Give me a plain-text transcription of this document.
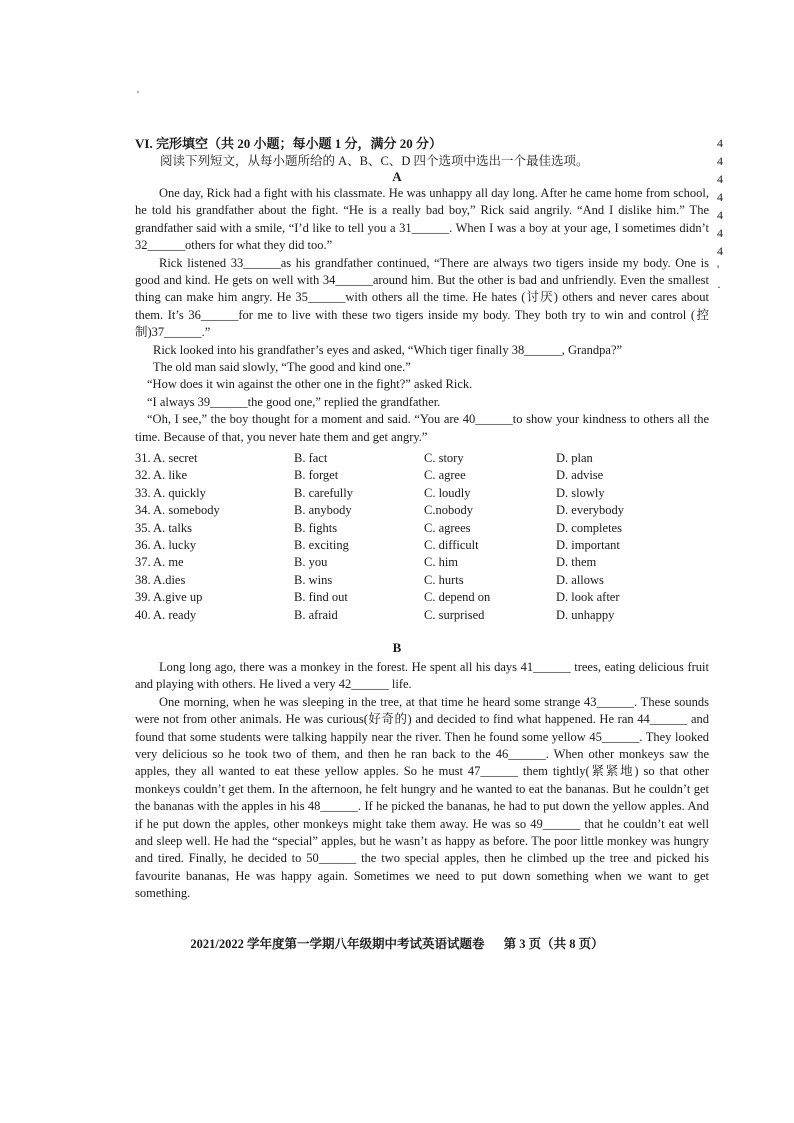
VI. 完形填空（共 20 小题；每小题 1 分，满分 20 分）
阅读下列短文，从每小题所给的 A、B、C、D 四个选项中选出一个最佳选项。
4
4
4
4
4
4
4
'
·
A

One day, Rick had a fight with his classmate. He was unhappy all day long. After he came home from school, he told his grandfather about the fight. “He is a really bad boy,” Rick said angrily. “And I dislike him.” The grandfather said with a smile, “I’d like to tell you a 31______. When I was a boy at your age, I sometimes didn’t 32______others for what they did too.”

Rick listened 33______as his grandfather continued, “There are always two tigers inside my body. One is good and kind. He gets on well with 34______around him. But the other is bad and unfriendly. Even the smallest thing can make him angry. He 35______with others all the time. He hates (讨厌) others and never cares about them. It’s 36______for me to live with these two tigers inside my body. They both try to win and control (控制)37______.”

Rick looked into his grandfather’s eyes and asked, “Which tiger finally 38______, Grandpa?”

The old man said slowly, “The good and kind one.”

“How does it win against the other one in the fight?” asked Rick.

“I always 39______the good one,” replied the grandfather.

“Oh, I see,” the boy thought for a moment and said. “You are 40______to show your kindness to others all the time. Because of that, you never hate them and get angry.”

31. A. secret	B. fact	C. story	D. plan
32. A. like	B. forget	C. agree	D. advise
33. A. quickly	B. carefully	C. loudly	D. slowly
34. A. somebody	B. anybody	C.nobody	D. everybody
35. A. talks	B. fights	C. agrees	D. completes
36. A. lucky	B. exciting	C. difficult	D. important
37. A. me	B. you	C. him	D. them
38. A.dies	B. wins	C. hurts	D. allows
39. A.give up	B. find out	C. depend on	D. look after
40. A. ready	B. afraid	C. surprised	D. unhappy
B

Long long ago, there was a monkey in the forest. He spent all his days 41______ trees, eating delicious fruit and playing with others. He lived a very 42______ life.

One morning, when he was sleeping in the tree, at that time he heard some strange 43______. These sounds were not from other animals. He was curious(好奇的) and decided to find what happened. He ran 44______ and found that some students were talking happily near the river. Then he found some yellow 45______. They looked very delicious so he took two of them, and then he ran back to the 46______. When other monkeys saw the apples, they all wanted to eat these yellow apples. So he must 47______ them tightly(紧紧地) so that other monkeys couldn’t get them. In the afternoon, he felt hungry and he wanted to eat the bananas. But he couldn’t get the bananas with the apples in his 48______. If he picked the bananas, he had to put down the yellow apples. And if he put down the apples, other monkeys might take them away. He was so 49______ that he couldn’t eat well and sleep well. He had the “special” apples, but he wasn’t as happy as before. The poor little monkey was hungry and tired. Finally, he decided to 50______ the two special apples, then he climbed up the tree and picked his favourite bananas, He was happy again. Sometimes we need to put down something when we want to get something.

2021/2022 学年度第一学期八年级期中考试英语试题卷 第 3 页（共 8 页）
